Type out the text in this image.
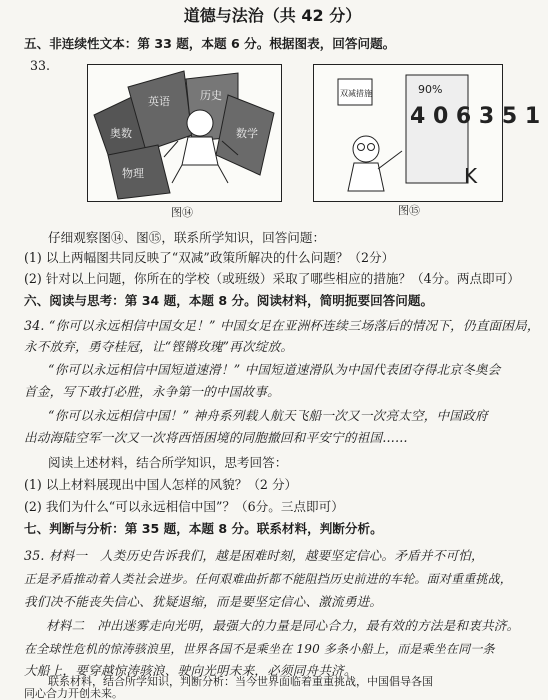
道德与法治（共 42 分）
五、非连续性文本：第 33 题，本题 6 分。根据图表，回答问题。
33.
奥数
英语	历史
数学
物理
图⑭
双减措施
4 0 6 3 5 1
90%
K
图⑮
仔细观察图⑭、图⑮，联系所学知识，回答问题：
(1) 以上两幅图共同反映了“双减”政策所解决的什么问题？（2分）
(2) 针对以上问题，你所在的学校（或班级）采取了哪些相应的措施？（4分。两点即可）
六、阅读与思考：第 34 题，本题 8 分。阅读材料，简明扼要回答问题。
34. “你可以永远相信中国女足！” 中国女足在亚洲杯连续三场落后的情况下，仍直面困局，
永不放弃，勇夺桂冠，让“铿锵玫瑰”再次绽放。
“你可以永远相信中国短道速滑！” 中国短道速滑队为中国代表团夺得北京冬奥会
首金，写下敢打必胜，永争第一的中国故事。
“你可以永远相信中国！” 神舟系列载人航天飞船一次又一次亮太空，中国政府
出动海陆空军一次又一次将西悟困境的同胞撤回和平安宁的祖国……
阅读上述材料，结合所学知识，思考回答：
(1) 以上材料展现出中国人怎样的风貌？（2 分）
(2) 我们为什么“可以永远相信中国”？（6分。三点即可）
七、判断与分析：第 35 题，本题 8 分。联系材料，判断分析。
35. 材料一　人类历史告诉我们，越是困难时刻，越要坚定信心。矛盾并不可怕，
正是矛盾推动着人类社会进步。任何艰难曲折都不能阻挡历史前进的车轮。面对重重挑战，
我们决不能丧失信心、犹疑退缩，而是要坚定信心、激流勇进。
材料二　冲出迷雾走向光明，最强大的力量是同心合力，最有效的方法是和衷共济。
在全球性危机的惊涛骇浪里，世界各国不是乘坐在 190 多条小船上，而是乘坐在同一条
大船上，要穿越惊涛骇浪、驶向光明未来，必须同舟共济。
联系材料，结合所学知识，判断分析：当今世界面临着重重挑战，中国倡导各国
同心合力开创未来。
